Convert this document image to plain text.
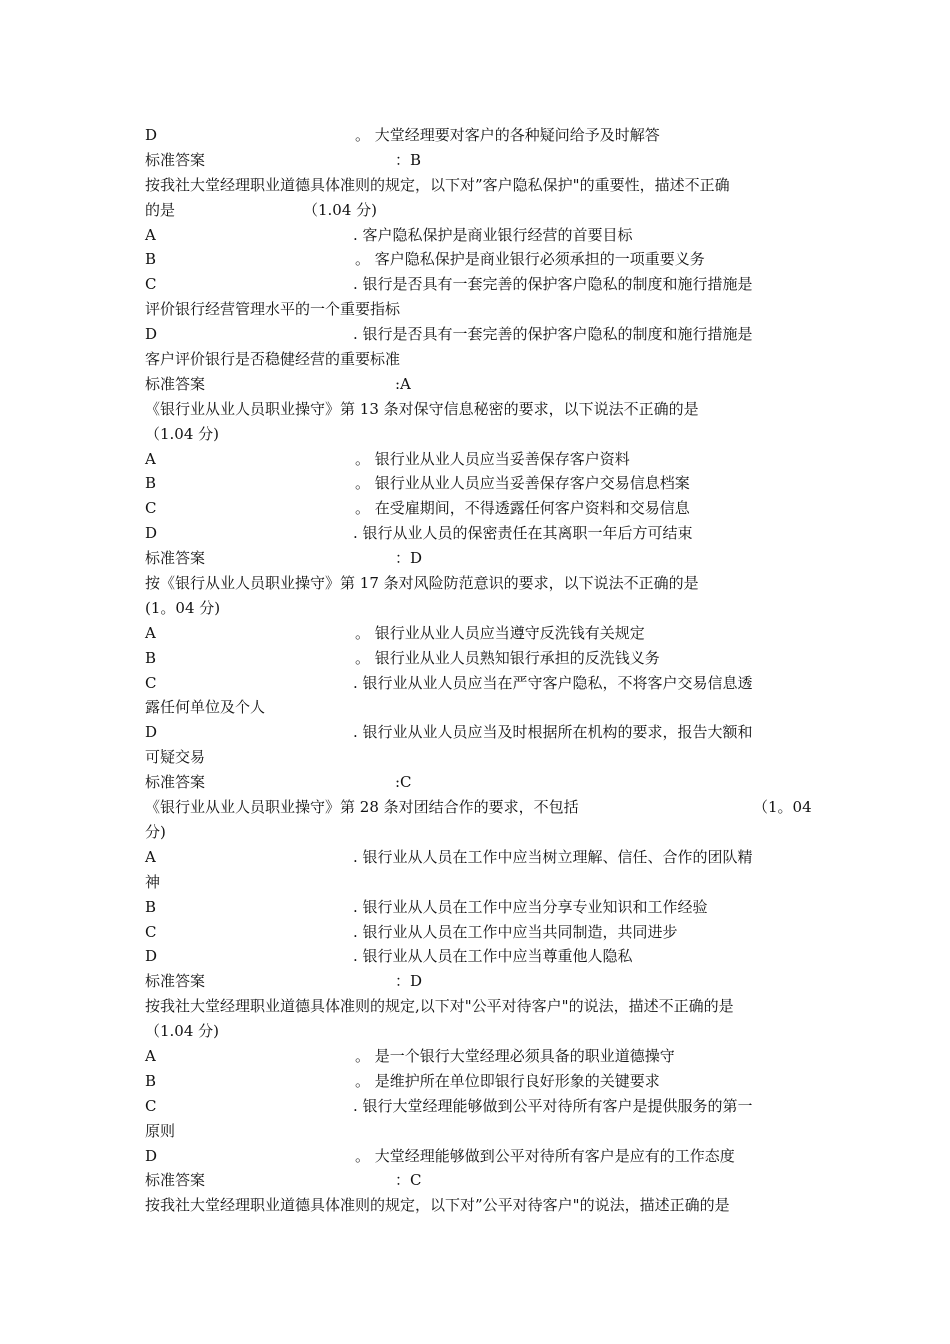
D	。 大堂经理要对客户的各种疑问给予及时解答
标准答案	：B
按我社大堂经理职业道德具体准则的规定，以下对”客户隐私保护"的重要性，描述不正确
的是	（1.04 分)
A	. 客户隐私保护是商业银行经营的首要目标
B	。 客户隐私保护是商业银行必须承担的一项重要义务
C	. 银行是否具有一套完善的保护客户隐私的制度和施行措施是
评价银行经营管理水平的一个重要指标
D	. 银行是否具有一套完善的保护客户隐私的制度和施行措施是
客户评价银行是否稳健经营的重要标准
标准答案	:A
《银行业从业人员职业操守》第 13 条对保守信息秘密的要求，以下说法不正确的是
（1.04 分)
A	。 银行业从业人员应当妥善保存客户资料
B	。 银行业从业人员应当妥善保存客户交易信息档案
C	。 在受雇期间，不得透露任何客户资料和交易信息
D	. 银行从业人员的保密责任在其离职一年后方可结束
标准答案	：D
按《银行从业人员职业操守》第 17 条对风险防范意识的要求，以下说法不正确的是
(1。04 分)
A	。 银行业从业人员应当遵守反洗钱有关规定
B	。 银行业从业人员熟知银行承担的反洗钱义务
C	. 银行业从业人员应当在严守客户隐私，不将客户交易信息透
露任何单位及个人
D	. 银行业从业人员应当及时根据所在机构的要求，报告大额和
可疑交易
标准答案	:C
《银行业从业人员职业操守》第 28 条对团结合作的要求，不包括	（1。04
分)
A	. 银行业从人员在工作中应当树立理解、信任、合作的团队精
神
B	. 银行业从人员在工作中应当分享专业知识和工作经验
C	. 银行业从人员在工作中应当共同制造，共同进步
D	. 银行业从人员在工作中应当尊重他人隐私
标准答案	：D
按我社大堂经理职业道德具体准则的规定,以下对"公平对待客户"的说法，描述不正确的是
（1.04 分)
A	。 是一个银行大堂经理必须具备的职业道德操守
B	。 是维护所在单位即银行良好形象的关键要求
C	. 银行大堂经理能够做到公平对待所有客户是提供服务的第一
原则
D	。 大堂经理能够做到公平对待所有客户是应有的工作态度
标准答案	：C
按我社大堂经理职业道德具体准则的规定，以下对”公平对待客户"的说法，描述正确的是
